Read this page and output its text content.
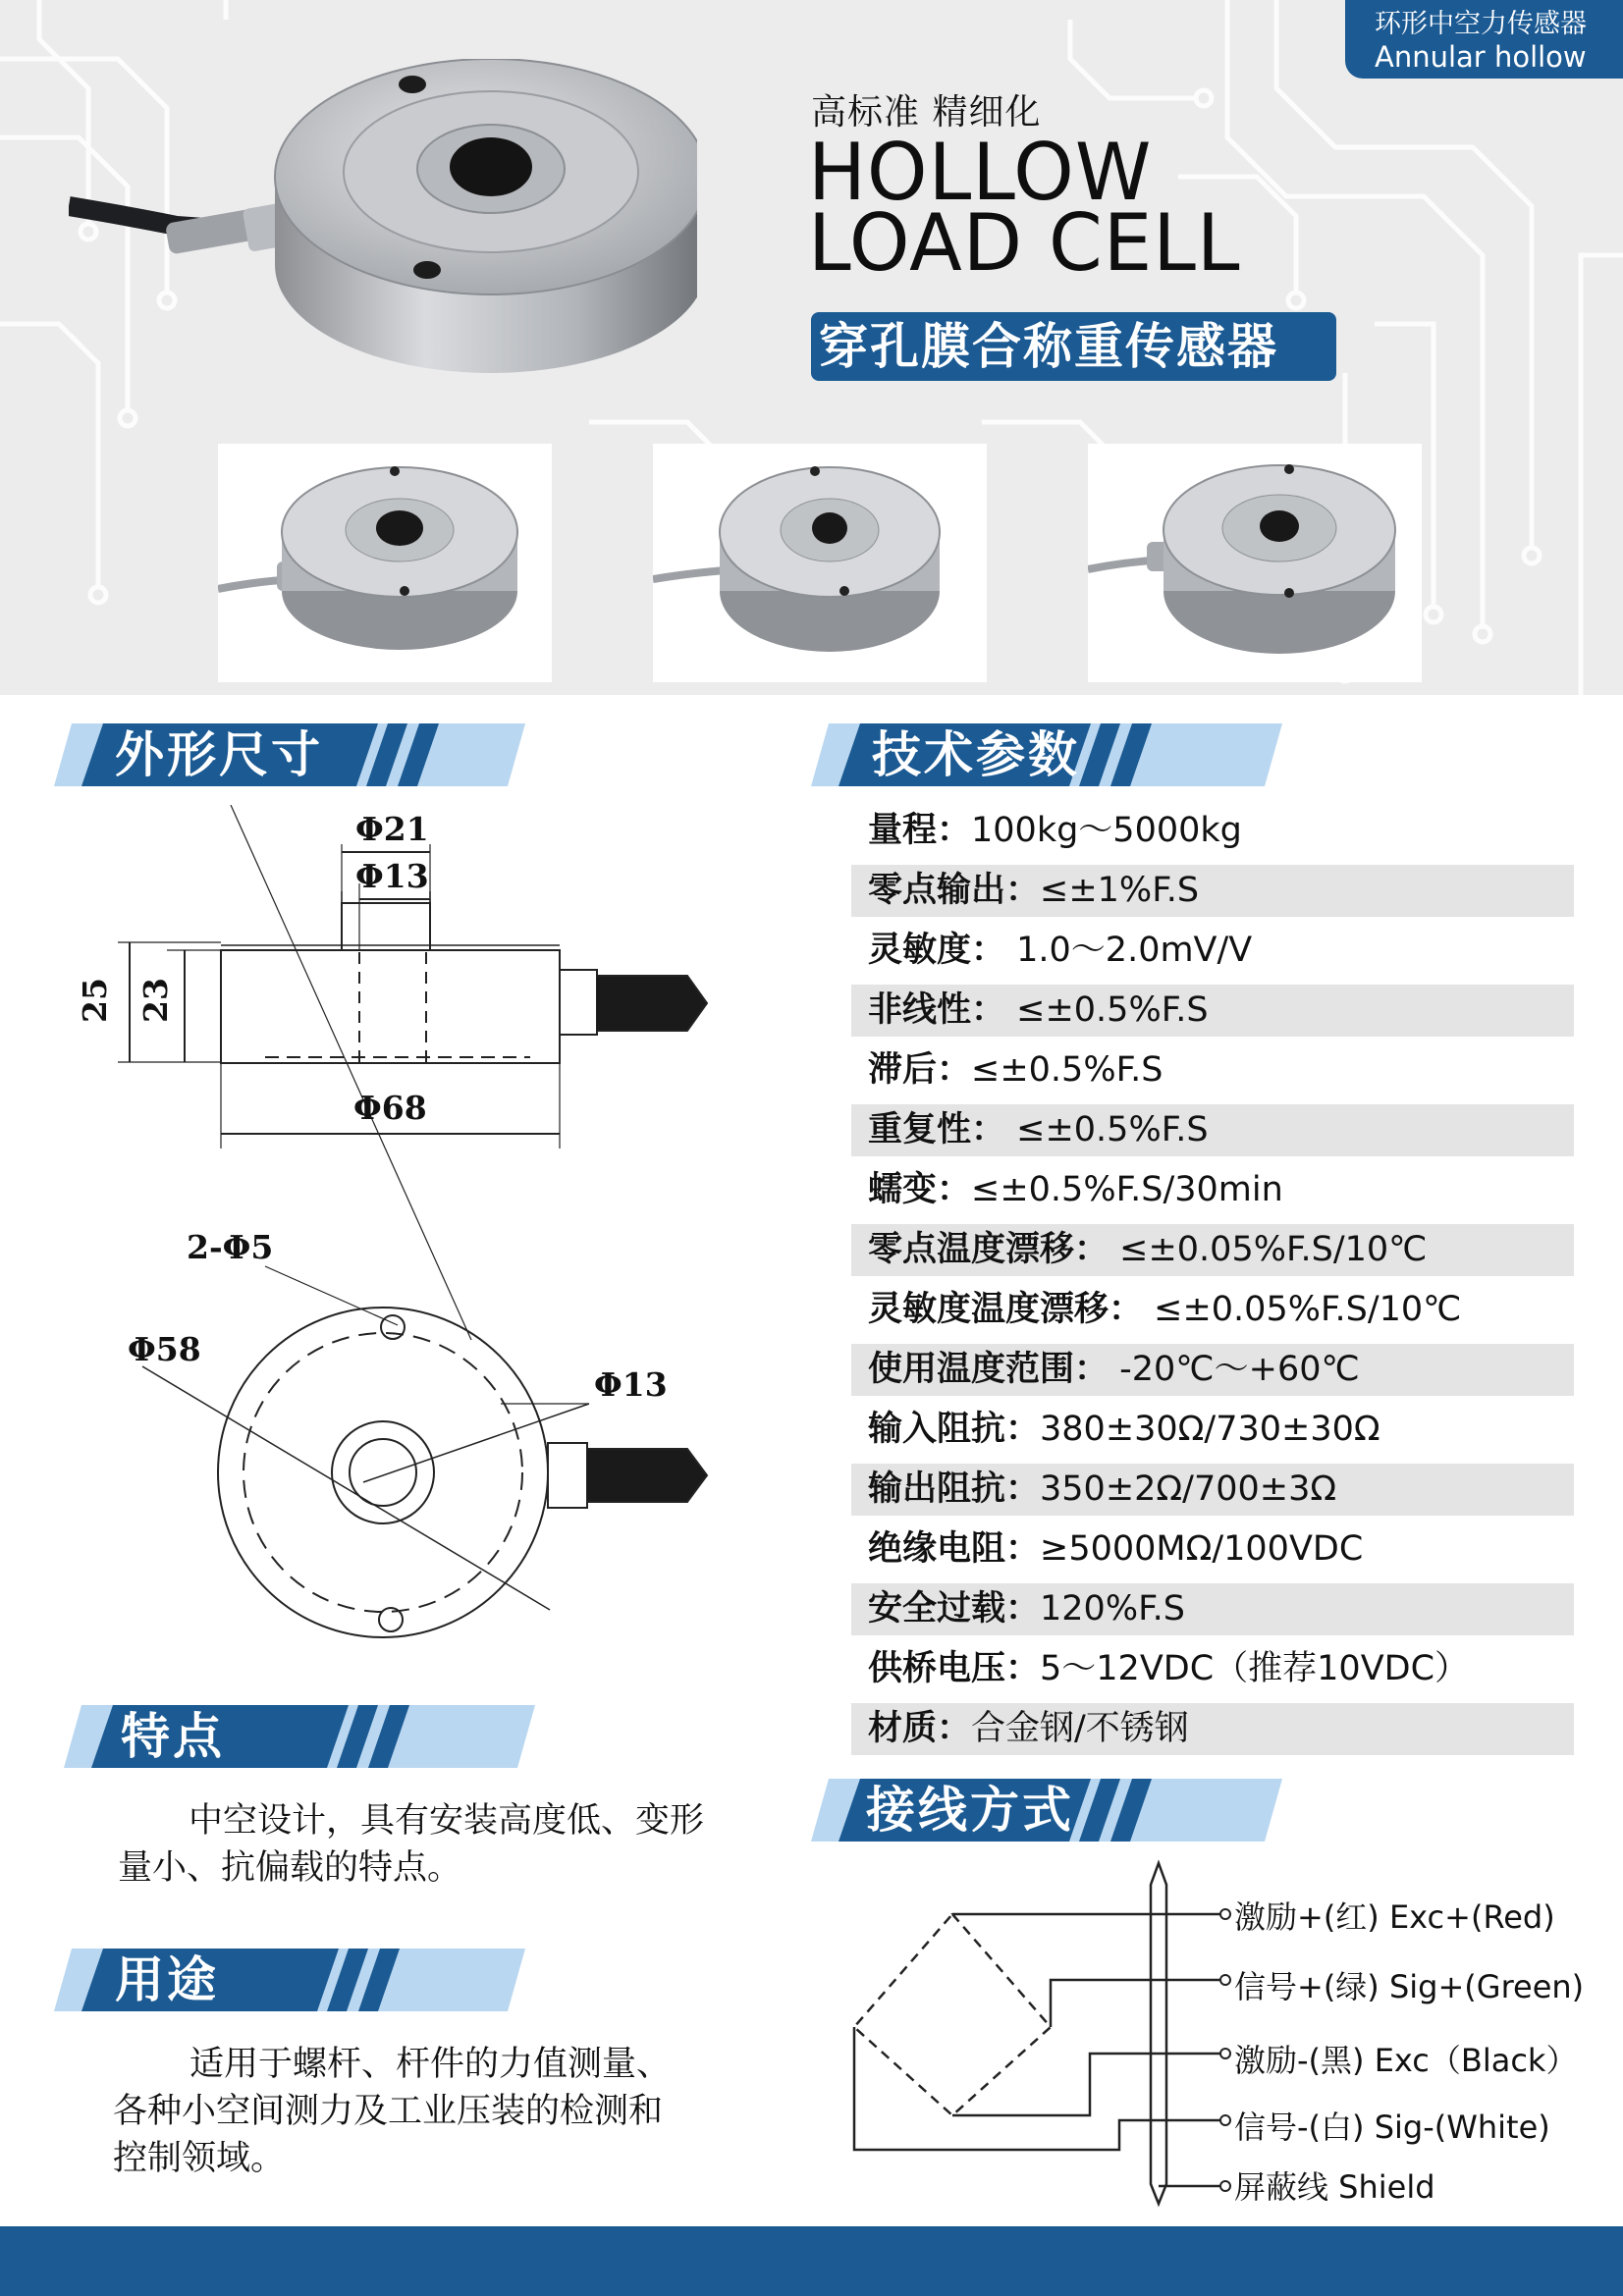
环形中空力传感器
Annular hollow
高标准 精细化
HOLLOW
LOAD CELL
穿孔膜合称重传感器
外形尺寸	技术参数
特点
用途
接线方式
Φ21
Φ13
25 23
Φ68
2-Φ5
Φ58
Φ13
量程：100kg～5000kg
零点输出：≤±1%F.S
灵敏度： 1.0～2.0mV/V
非线性： ≤±0.5%F.S
滞后：≤±0.5%F.S
重复性： ≤±0.5%F.S
蠕变：≤±0.5%F.S/30min
零点温度漂移： ≤±0.05%F.S/10℃
灵敏度温度漂移： ≤±0.05%F.S/10℃
使用温度范围： -20℃～+60℃
输入阻抗：380±30Ω/730±30Ω
输出阻抗：350±2Ω/700±3Ω
绝缘电阻：≥5000MΩ/100VDC
安全过载：120%F.S
供桥电压：5～12VDC（推荐10VDC）
材质：合金钢/不锈钢
中空设计，具有安装高度低、变形
量小、抗偏载的特点。
适用于螺杆、杆件的力值测量、
各种小空间测力及工业压装的检测和
控制领域。
激励+(红) Exc+(Red)
信号+(绿) Sig+(Green)
激励-(黑) Exc（Black）
信号-(白) Sig-(White)
屏蔽线 Shield
